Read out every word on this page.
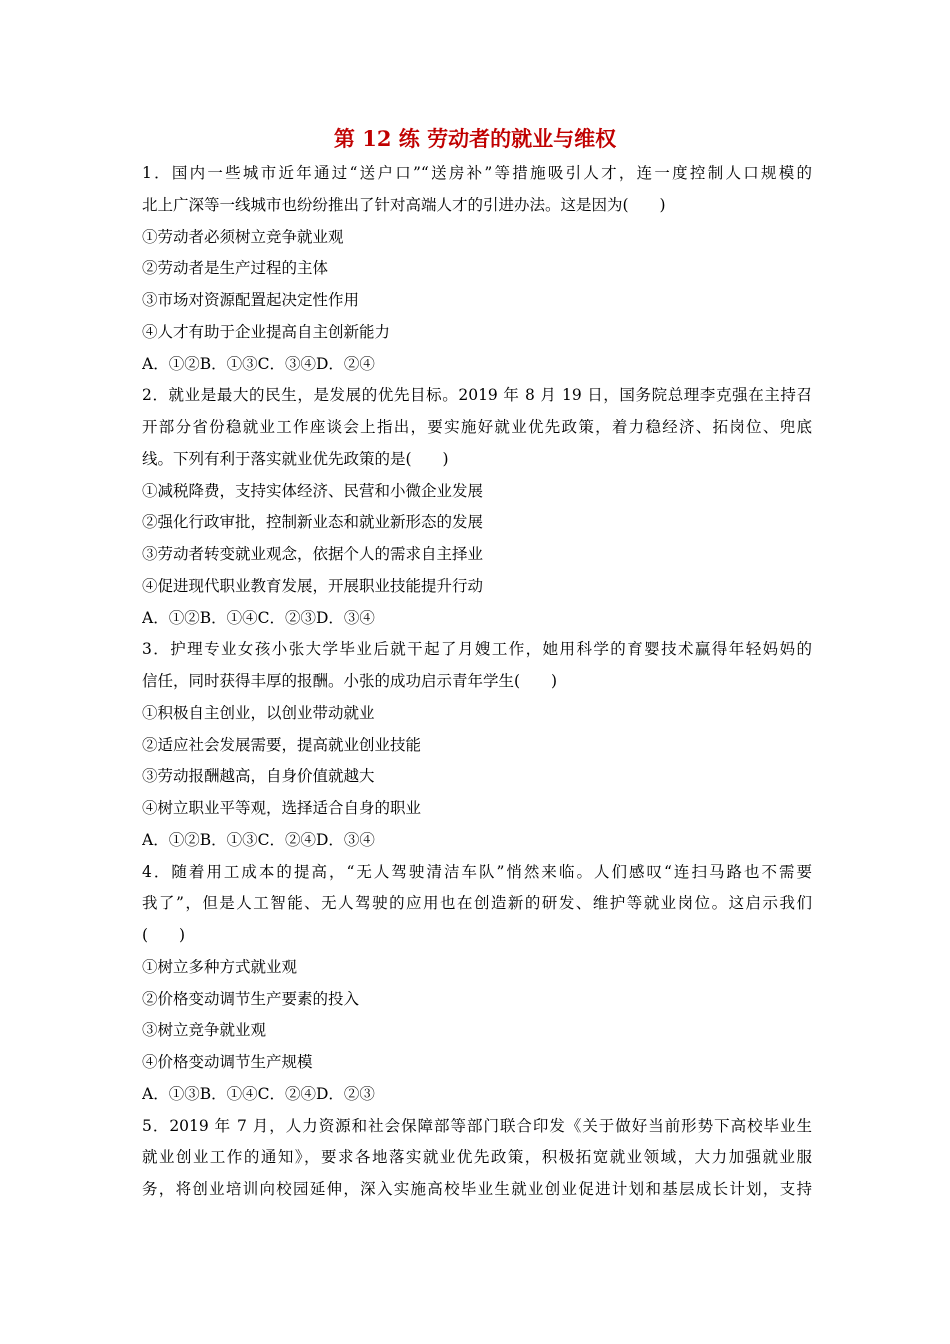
第 12 练 劳动者的就业与维权
1．国内一些城市近年通过“送户口”“送房补”等措施吸引人才，连一度控制人口规模的
北上广深等一线城市也纷纷推出了针对高端人才的引进办法。这是因为(　　)
①劳动者必须树立竞争就业观
②劳动者是生产过程的主体
③市场对资源配置起决定性作用
④人才有助于企业提高自主创新能力
A．①②B．①③C．③④D．②④
2．就业是最大的民生，是发展的优先目标。2019 年 8 月 19 日，国务院总理李克强在主持召
开部分省份稳就业工作座谈会上指出，要实施好就业优先政策，着力稳经济、拓岗位、兜底
线。下列有利于落实就业优先政策的是(　　)
①减税降费，支持实体经济、民营和小微企业发展
②强化行政审批，控制新业态和就业新形态的发展
③劳动者转变就业观念，依据个人的需求自主择业
④促进现代职业教育发展，开展职业技能提升行动
A．①②B．①④C．②③D．③④
3．护理专业女孩小张大学毕业后就干起了月嫂工作，她用科学的育婴技术赢得年轻妈妈的
信任，同时获得丰厚的报酬。小张的成功启示青年学生(　　)
①积极自主创业，以创业带动就业
②适应社会发展需要，提高就业创业技能
③劳动报酬越高，自身价值就越大
④树立职业平等观，选择适合自身的职业
A．①②B．①③C．②④D．③④
4．随着用工成本的提高，“无人驾驶清洁车队”悄然来临。人们感叹“连扫马路也不需要
我了”，但是人工智能、无人驾驶的应用也在创造新的研发、维护等就业岗位。这启示我们
(　　)
①树立多种方式就业观
②价格变动调节生产要素的投入
③树立竞争就业观
④价格变动调节生产规模
A．①③B．①④C．②④D．②③
5．2019 年 7 月，人力资源和社会保障部等部门联合印发《关于做好当前形势下高校毕业生
就业创业工作的通知》，要求各地落实就业优先政策，积极拓宽就业领域，大力加强就业服
务，将创业培训向校园延伸，深入实施高校毕业生就业创业促进计划和基层成长计划，支持
